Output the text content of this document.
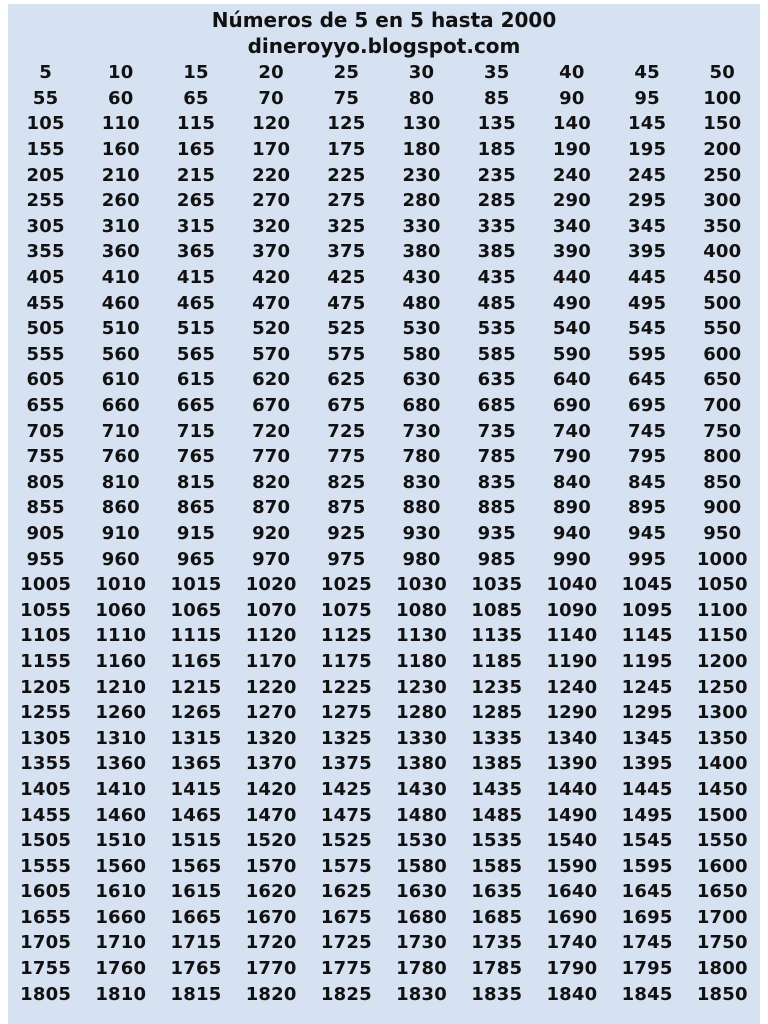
Números de 5 en 5 hasta 2000
dineroyyo.blogspot.com
5	10	15	20	25	30	35	40	45	50
55	60	65	70	75	80	85	90	95	100
105	110	115	120	125	130	135	140	145	150
155	160	165	170	175	180	185	190	195	200
205	210	215	220	225	230	235	240	245	250
255	260	265	270	275	280	285	290	295	300
305	310	315	320	325	330	335	340	345	350
355	360	365	370	375	380	385	390	395	400
405	410	415	420	425	430	435	440	445	450
455	460	465	470	475	480	485	490	495	500
505	510	515	520	525	530	535	540	545	550
555	560	565	570	575	580	585	590	595	600
605	610	615	620	625	630	635	640	645	650
655	660	665	670	675	680	685	690	695	700
705	710	715	720	725	730	735	740	745	750
755	760	765	770	775	780	785	790	795	800
805	810	815	820	825	830	835	840	845	850
855	860	865	870	875	880	885	890	895	900
905	910	915	920	925	930	935	940	945	950
955	960	965	970	975	980	985	990	995	1000
1005	1010	1015	1020	1025	1030	1035	1040	1045	1050
1055	1060	1065	1070	1075	1080	1085	1090	1095	1100
1105	1110	1115	1120	1125	1130	1135	1140	1145	1150
1155	1160	1165	1170	1175	1180	1185	1190	1195	1200
1205	1210	1215	1220	1225	1230	1235	1240	1245	1250
1255	1260	1265	1270	1275	1280	1285	1290	1295	1300
1305	1310	1315	1320	1325	1330	1335	1340	1345	1350
1355	1360	1365	1370	1375	1380	1385	1390	1395	1400
1405	1410	1415	1420	1425	1430	1435	1440	1445	1450
1455	1460	1465	1470	1475	1480	1485	1490	1495	1500
1505	1510	1515	1520	1525	1530	1535	1540	1545	1550
1555	1560	1565	1570	1575	1580	1585	1590	1595	1600
1605	1610	1615	1620	1625	1630	1635	1640	1645	1650
1655	1660	1665	1670	1675	1680	1685	1690	1695	1700
1705	1710	1715	1720	1725	1730	1735	1740	1745	1750
1755	1760	1765	1770	1775	1780	1785	1790	1795	1800
1805	1810	1815	1820	1825	1830	1835	1840	1845	1850
